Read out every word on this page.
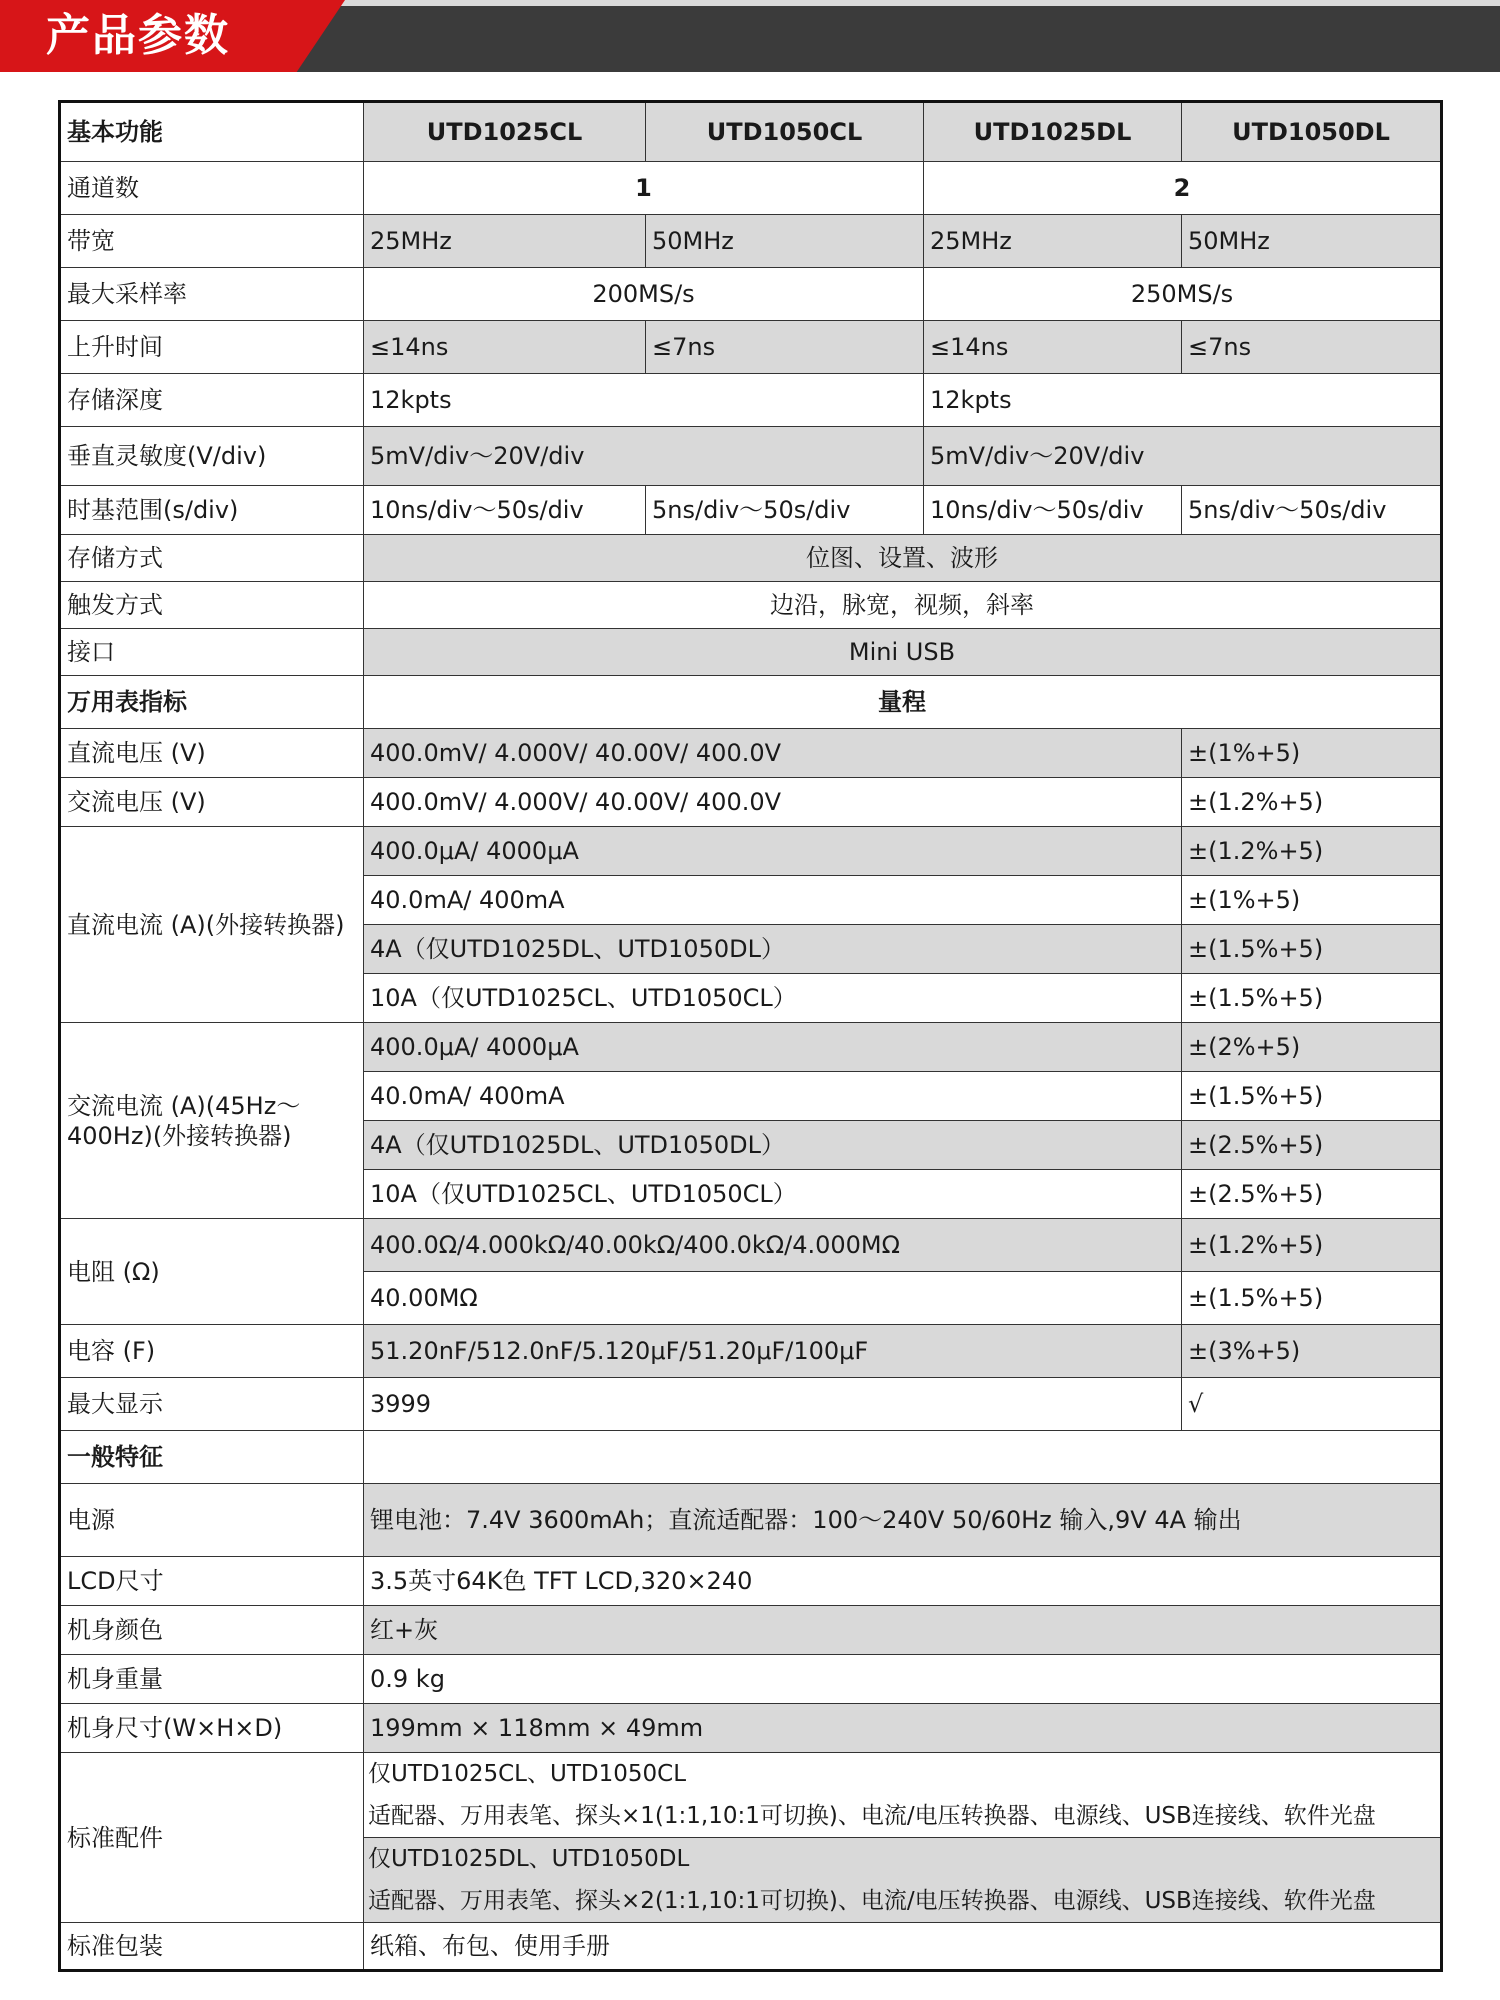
产品参数
基本功能	UTD1025CL	UTD1050CL	UTD1025DL	UTD1050DL
通道数	1		2	
带宽	25MHz	50MHz	25MHz	50MHz
最大采样率	200MS/s		250MS/s	
上升时间	≤14ns	≤7ns	≤14ns	≤7ns
存储深度	12kpts		12kpts	
垂直灵敏度(V/div)	5mV/div～20V/div		5mV/div～20V/div	
时基范围(s/div)	10ns/div～50s/div	5ns/div～50s/div	10ns/div～50s/div	5ns/div～50s/div
存储方式	位图、设置、波形			
触发方式	边沿，脉宽，视频，斜率			
接口	Mini USB			
万用表指标	量程			
直流电压 (V)	400.0mV/ 4.000V/ 40.00V/ 400.0V			±(1%+5)
交流电压 (V)	400.0mV/ 4.000V/ 40.00V/ 400.0V			±(1.2%+5)
直流电流 (A)(外接转换器)	400.0μA/ 4000μA			±(1.2%+5)
	40.0mA/ 400mA			±(1%+5)
	4A（仅UTD1025DL、UTD1050DL）			±(1.5%+5)
	10A（仅UTD1025CL、UTD1050CL）			±(1.5%+5)
交流电流 (A)(45Hz～
400Hz)(外接转换器)	400.0μA/ 4000μA			±(2%+5)
	40.0mA/ 400mA			±(1.5%+5)
	4A（仅UTD1025DL、UTD1050DL）			±(2.5%+5)
	10A（仅UTD1025CL、UTD1050CL）			±(2.5%+5)
电阻 (Ω)	400.0Ω/4.000kΩ/40.00kΩ/400.0kΩ/4.000MΩ			±(1.2%+5)
	40.00MΩ			±(1.5%+5)
电容 (F)	51.20nF/512.0nF/5.120μF/51.20μF/100μF			±(3%+5)
最大显示	3999			√
一般特征				
电源	锂电池：7.4V 3600mAh；直流适配器：100～240V 50/60Hz 输入,9V 4A 输出			
LCD尺寸	3.5英寸64K色 TFT LCD,320×240			
机身颜色	红+灰			
机身重量	0.9 kg			
机身尺寸(W×H×D)	199mm × 118mm × 49mm			
标准配件	仅UTD1025CL、UTD1050CL
适配器、万用表笔、探头×1(1:1,10:1可切换)、电流/电压转换器、电源线、USB连接线、软件光盘			

	仅UTD1025DL、UTD1050DL
适配器、万用表笔、探头×2(1:1,10:1可切换)、电流/电压转换器、电源线、USB连接线、软件光盘			

标准包装	纸箱、布包、使用手册			
